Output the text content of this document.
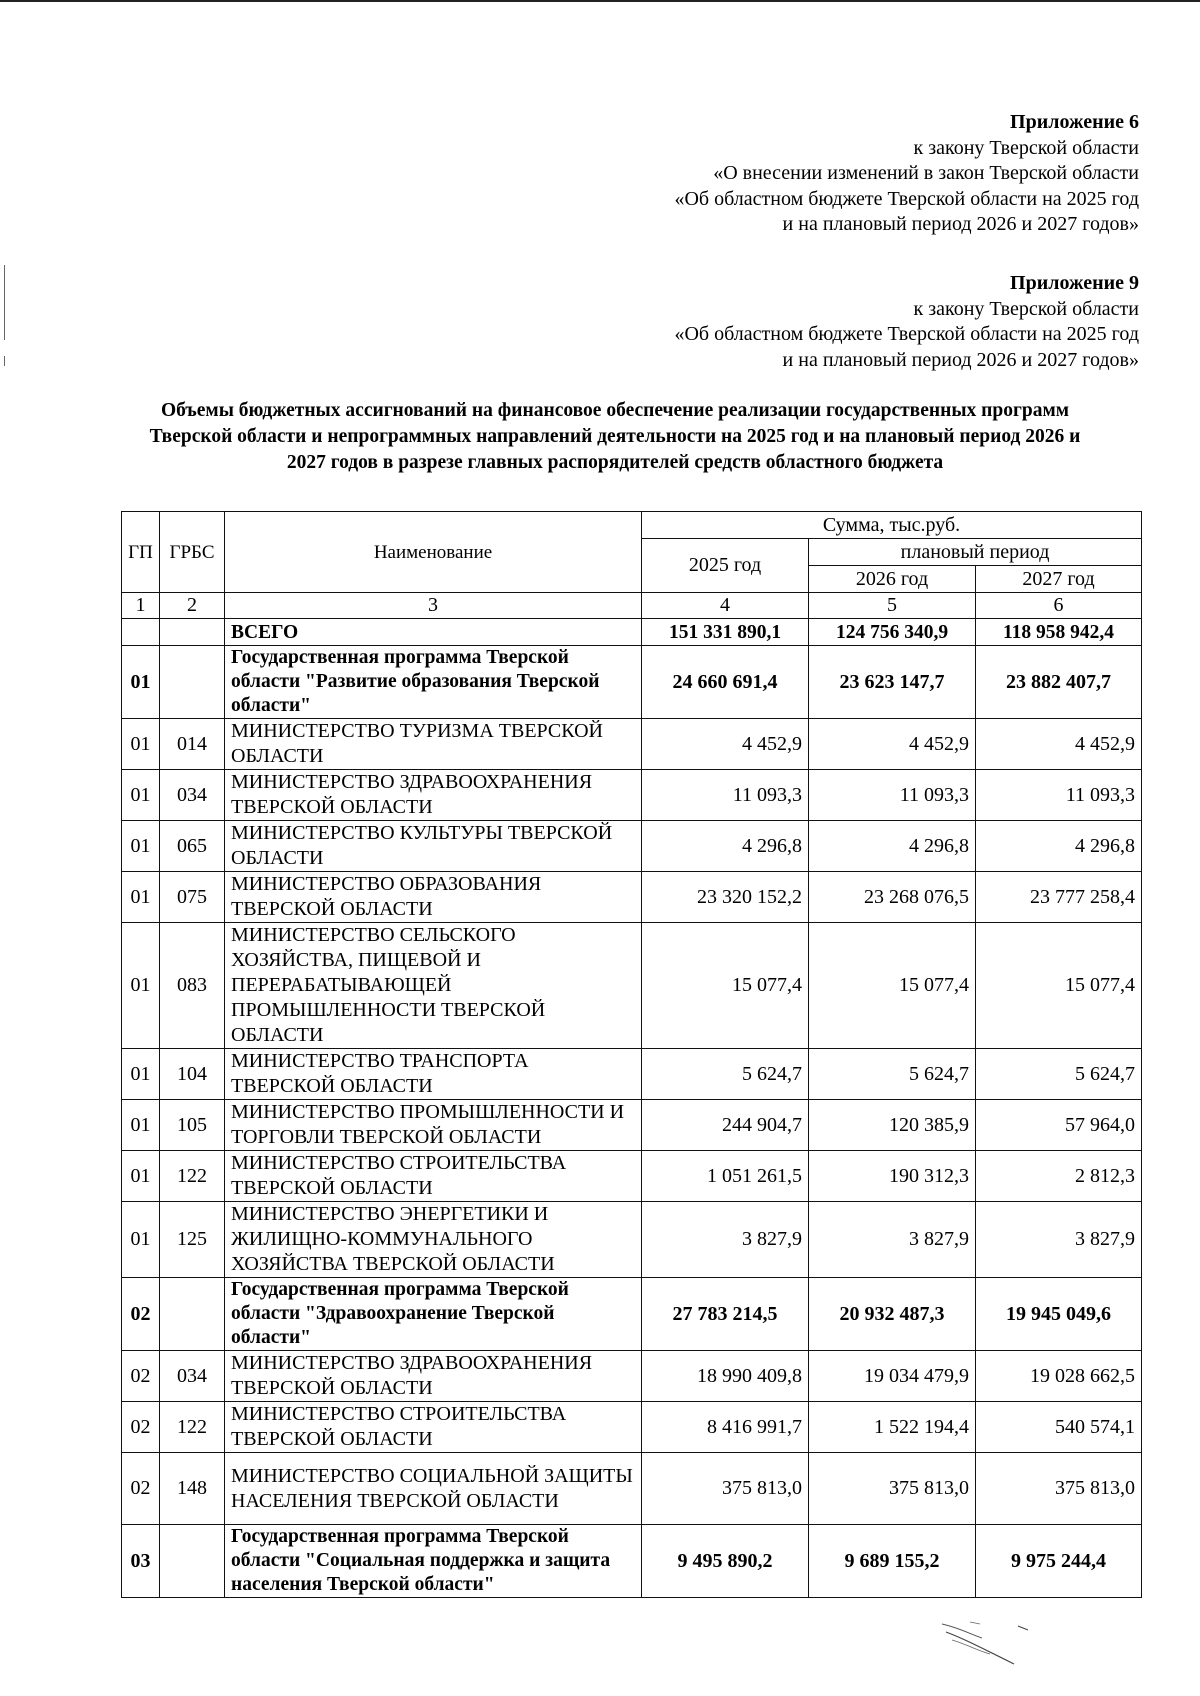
Приложение 6
к закону Тверской области
«О внесении изменений в закон Тверской области
«Об областном бюджете Тверской области на 2025 год
и на плановый период 2026 и 2027 годов»
Приложение 9
к закону Тверской области
«Об областном бюджете Тверской области на 2025 год
и на плановый период 2026 и 2027 годов»
Объемы бюджетных ассигнований на финансовое обеспечение реализации государственных программ
Тверской области и непрограммных направлений деятельности на 2025 год и на плановый период 2026 и
2027 годов в разрезе главных распорядителей средств областного бюджета
ГП	ГРБС	Наименование	Сумма, тыс.руб.		
			2025 год	плановый период	
				2026 год	2027 год
1	2	3	4	5	6
		ВСЕГО	151 331 890,1	124 756 340,9	118 958 942,4
01		Государственная программа Тверской области "Развитие образования Тверской области"	24 660 691,4	23 623 147,7	23 882 407,7
01	014	МИНИСТЕРСТВО ТУРИЗМА ТВЕРСКОЙ ОБЛАСТИ	4 452,9	4 452,9	4 452,9
01	034	МИНИСТЕРСТВО ЗДРАВООХРАНЕНИЯ ТВЕРСКОЙ ОБЛАСТИ	11 093,3	11 093,3	11 093,3
01	065	МИНИСТЕРСТВО КУЛЬТУРЫ ТВЕРСКОЙ ОБЛАСТИ	4 296,8	4 296,8	4 296,8
01	075	МИНИСТЕРСТВО ОБРАЗОВАНИЯ ТВЕРСКОЙ ОБЛАСТИ	23 320 152,2	23 268 076,5	23 777 258,4
01	083	МИНИСТЕРСТВО СЕЛЬСКОГО ХОЗЯЙСТВА, ПИЩЕВОЙ И ПЕРЕРАБАТЫВАЮЩЕЙ ПРОМЫШЛЕННОСТИ ТВЕРСКОЙ ОБЛАСТИ	15 077,4	15 077,4	15 077,4
01	104	МИНИСТЕРСТВО ТРАНСПОРТА ТВЕРСКОЙ ОБЛАСТИ	5 624,7	5 624,7	5 624,7
01	105	МИНИСТЕРСТВО ПРОМЫШЛЕННОСТИ И ТОРГОВЛИ ТВЕРСКОЙ ОБЛАСТИ	244 904,7	120 385,9	57 964,0
01	122	МИНИСТЕРСТВО СТРОИТЕЛЬСТВА ТВЕРСКОЙ ОБЛАСТИ	1 051 261,5	190 312,3	2 812,3
01	125	МИНИСТЕРСТВО ЭНЕРГЕТИКИ И ЖИЛИЩНО-КОММУНАЛЬНОГО ХОЗЯЙСТВА ТВЕРСКОЙ ОБЛАСТИ	3 827,9	3 827,9	3 827,9
02		Государственная программа Тверской области "Здравоохранение Тверской области"	27 783 214,5	20 932 487,3	19 945 049,6
02	034	МИНИСТЕРСТВО ЗДРАВООХРАНЕНИЯ ТВЕРСКОЙ ОБЛАСТИ	18 990 409,8	19 034 479,9	19 028 662,5
02	122	МИНИСТЕРСТВО СТРОИТЕЛЬСТВА ТВЕРСКОЙ ОБЛАСТИ	8 416 991,7	1 522 194,4	540 574,1
02	148	МИНИСТЕРСТВО СОЦИАЛЬНОЙ ЗАЩИТЫ НАСЕЛЕНИЯ ТВЕРСКОЙ ОБЛАСТИ	375 813,0	375 813,0	375 813,0
03		Государственная программа Тверской области "Социальная поддержка и защита населения Тверской области"	9 495 890,2	9 689 155,2	9 975 244,4
